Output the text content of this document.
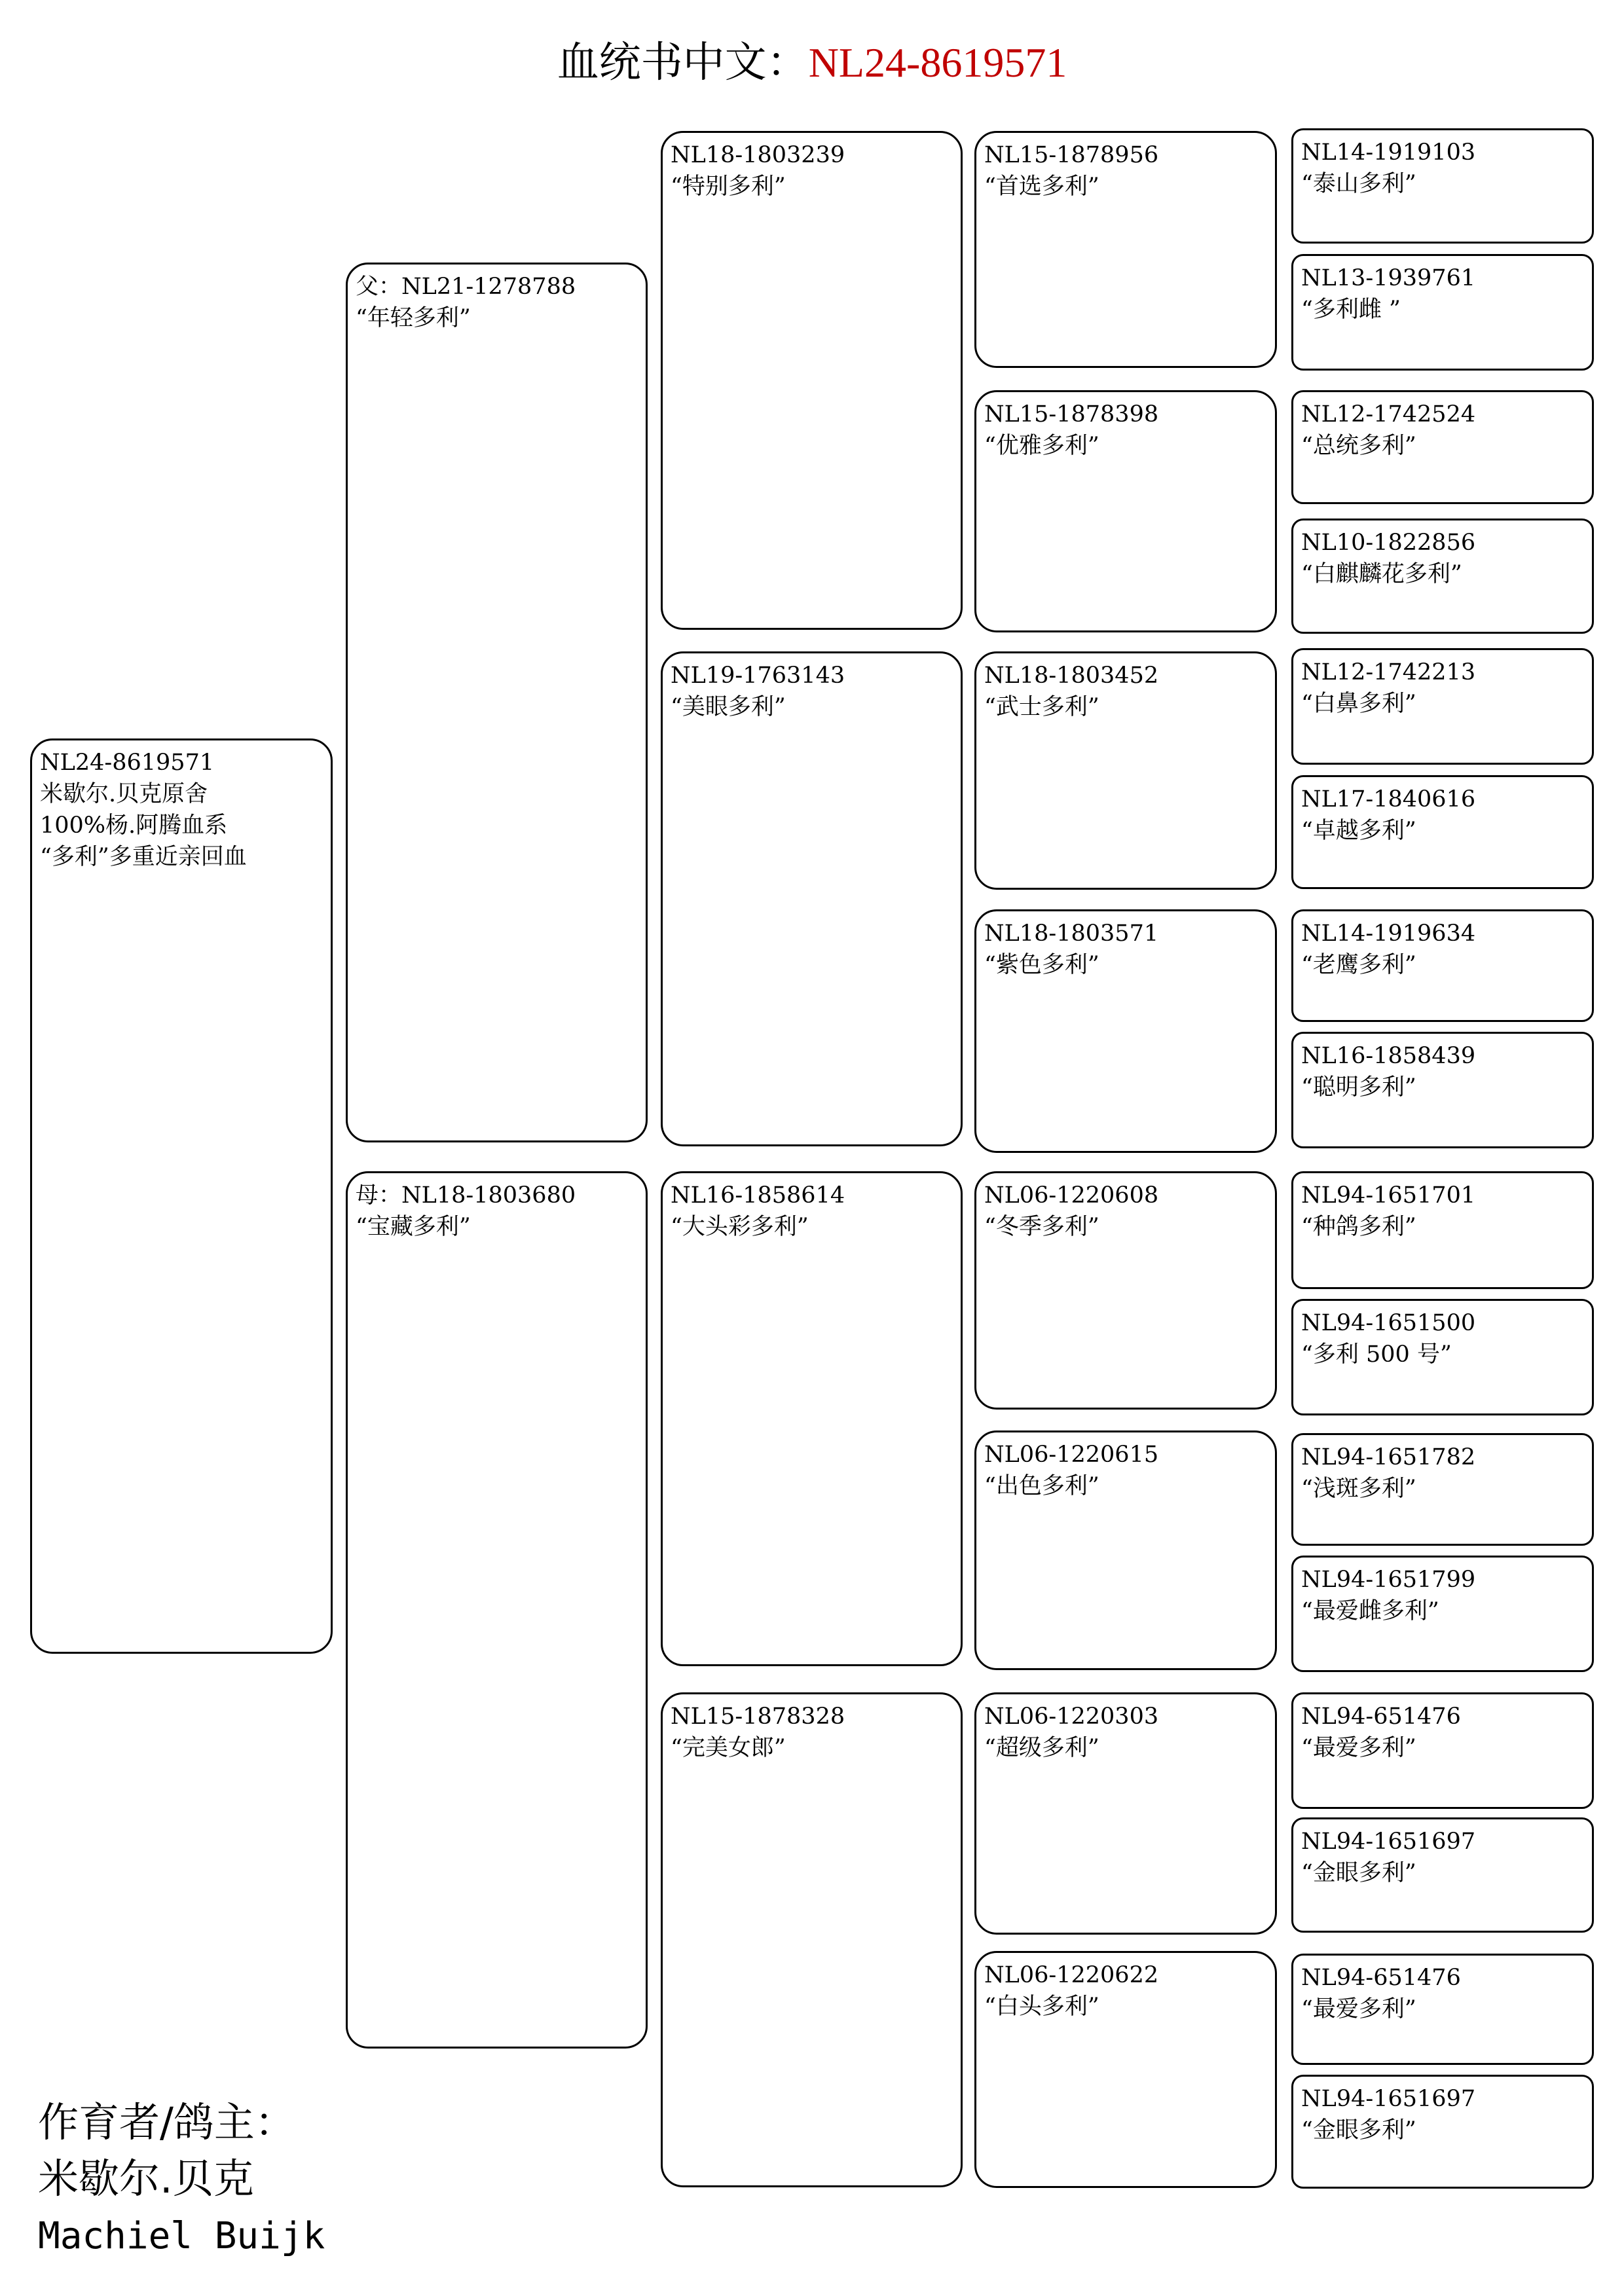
血统书中文：NL24-8619571
NL24-8619571
米歇尔.贝克原舍
100%杨.阿腾血系
“多利”多重近亲回血
父：NL21-1278788
“年轻多利”
母：NL18-1803680
“宝藏多利”
NL18-1803239
“特别多利”
NL19-1763143
“美眼多利”
NL16-1858614
“大头彩多利”
NL15-1878328
“完美女郎”
NL15-1878956
“首选多利”
NL15-1878398
“优雅多利”
NL18-1803452
“武士多利”
NL18-1803571
“紫色多利”
NL06-1220608
“冬季多利”
NL06-1220615
“出色多利”
NL06-1220303
“超级多利”
NL06-1220622
“白头多利”
NL14-1919103
“泰山多利”
NL13-1939761
“多利雌 ”
NL12-1742524
“总统多利”
NL10-1822856
“白麒麟花多利”
NL12-1742213
“白鼻多利”
NL17-1840616
“卓越多利”
NL14-1919634
“老鹰多利”
NL16-1858439
“聪明多利”
NL94-1651701
“种鸽多利”
NL94-1651500
“多利 500 号”
NL94-1651782
“浅斑多利”
NL94-1651799
“最爱雌多利”
NL94-651476
“最爱多利”
NL94-1651697
“金眼多利”
NL94-651476
“最爱多利”
NL94-1651697
“金眼多利”
作育者/鸽主：
米歇尔.贝克
Machiel Buijk
